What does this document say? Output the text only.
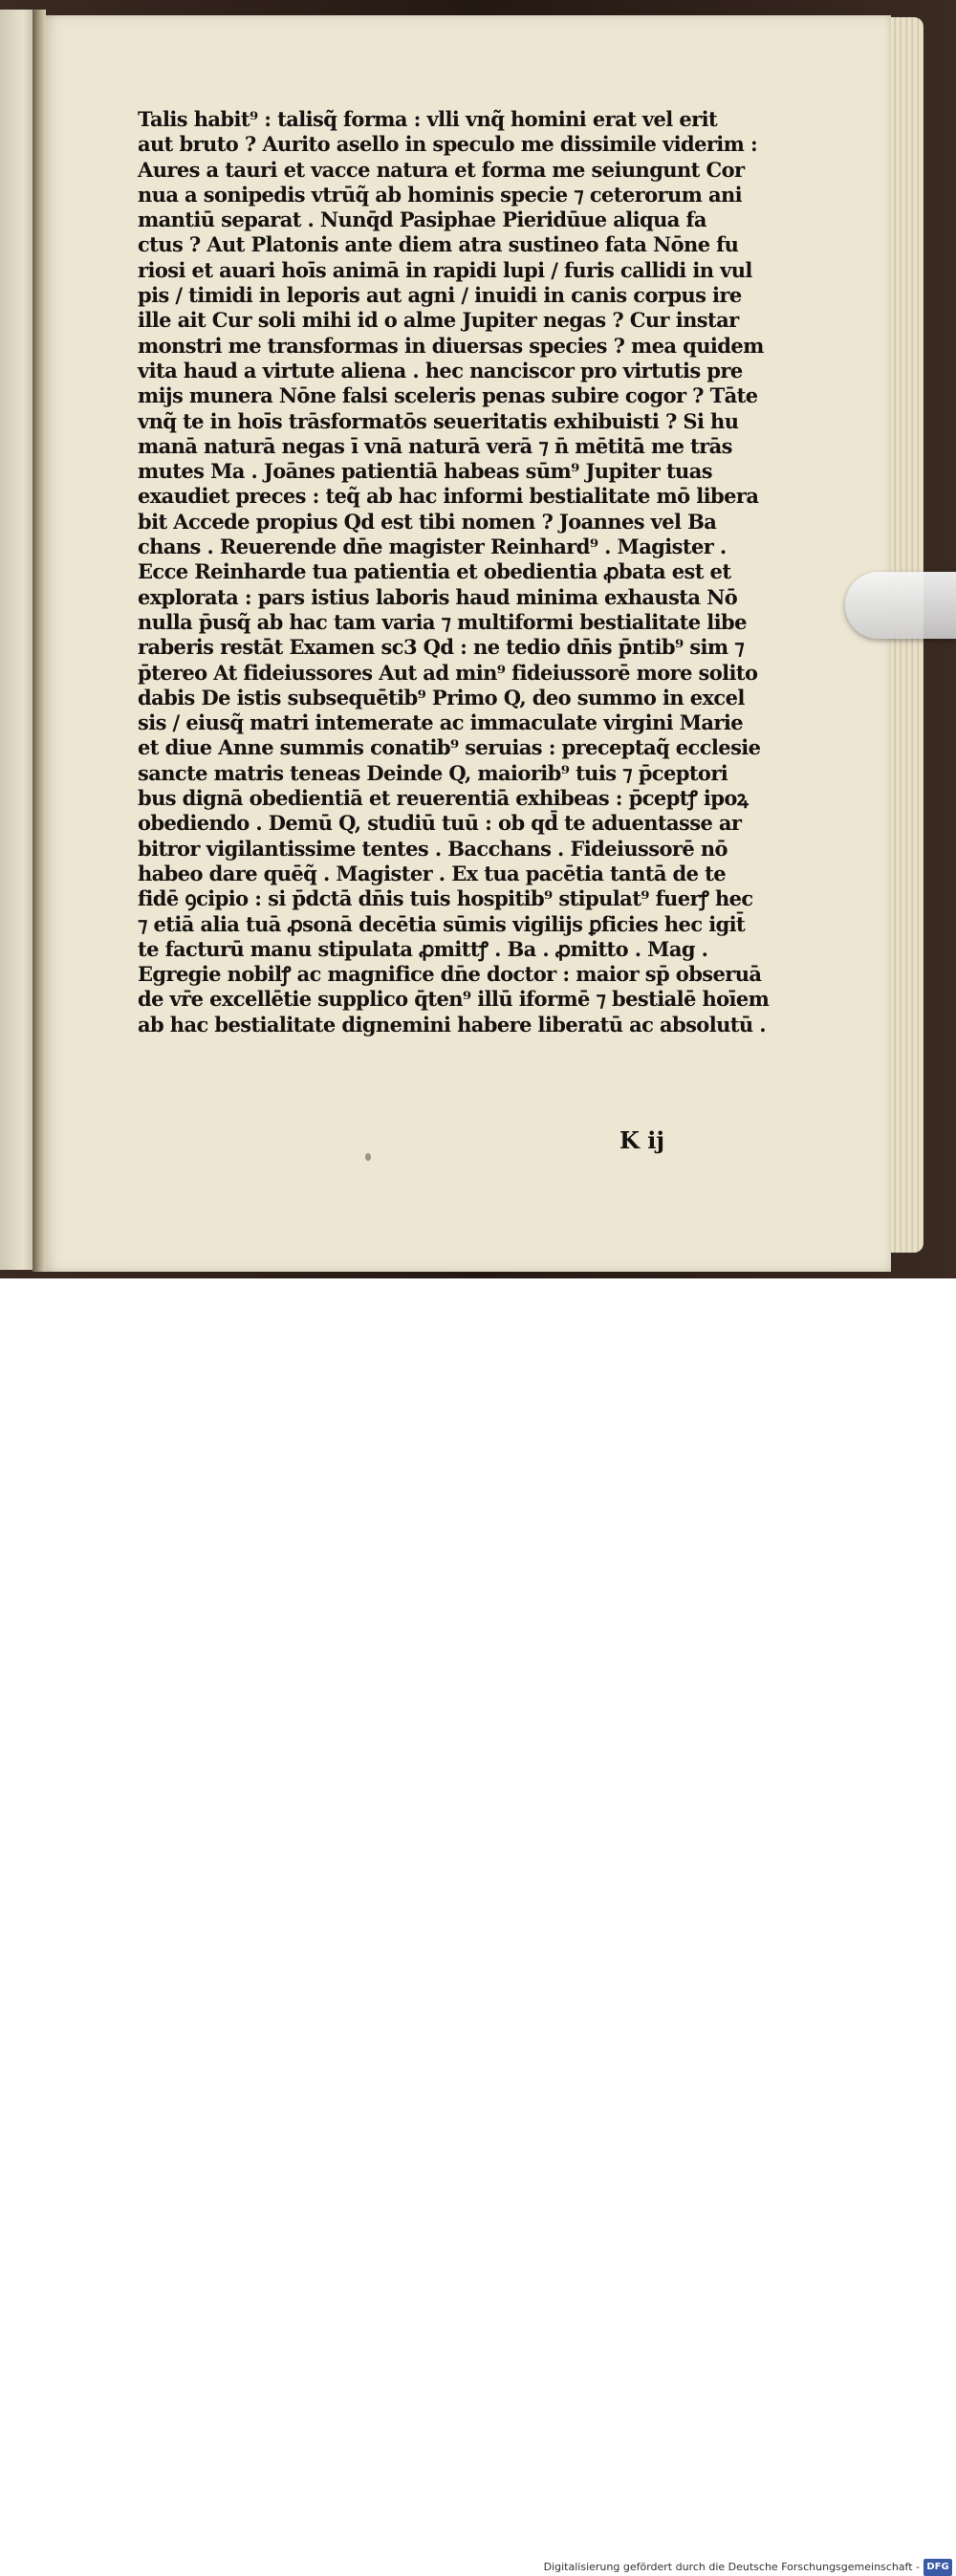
Talis habit⁹ : talisq̃ forma : vlli vnq̃ homini erat vel erit
aut bruto ? Aurito asello in speculo me dissimile viderim :
Aures a tauri et vacce natura et forma me seiungunt Cor
nua a sonipedis vtrūq̃ ab hominis specie ⁊ ceterorum ani
mantiū separat . Nunq̄d Pasiphae Pieridūue aliqua fa
ctus ? Aut Platonis ante diem atra sustineo fata Nōne fu
riosi et auari hoīs animā in rapidi lupi / furis callidi in vul
pis / timidi in leporis aut agni / inuidi in canis corpus ire
ille ait Cur soli mihi id o alme Jupiter negas ? Cur instar
monstri me transformas in diuersas species ? mea quidem
vita haud a virtute aliena . hec nanciscor pro virtutis pre
mijs munera Nōne falsi sceleris penas subire cogor ? Tāte
vnq̃ te in hoīs trāsformatōs seueritatis exhibuisti ? Si hu
manā naturā negas ī vnā naturā verā ⁊ n̄ mētitā me trās
mutes Ma . Joānes patientiā habeas sūm⁹ Jupiter tuas
exaudiet preces : teq̃ ab hac informi bestialitate mō libera
bit Accede propius Qd est tibi nomen ? Joannes vel Ba
chans . Reuerende dn̄e magister Reinhard⁹ . Magister .
Ecce Reinharde tua patientia et obedientia ꝓbata est et
explorata : pars istius laboris haud minima exhausta Nō
nulla p̄usq̃ ab hac tam varia ⁊ multiformi bestialitate libe
raberis restāt Examen sc3 Qd : ne tedio dn̄is p̄ntib⁹ sim ⁊
p̄tereo At fideiussores Aut ad min⁹ fideiussorē more solito
dabis De istis subsequētib⁹ Primo Q, deo summo in excel
sis / eiusq̃ matri intemerate ac immaculate virgini Marie
et diue Anne summis conatib⁹ seruias : preceptaq̃ ecclesie
sancte matris teneas Deinde Q, maiorib⁹ tuis ⁊ p̄ceptori
bus dignā obedientiā et reuerentiā exhibeas : p̄ceptꝭ ipoꝝ
obediendo . Demū Q, studiū tuū : ob qd̄ te aduentasse ar
bitror vigilantissime tentes . Bacchans . Fideiussorē nō
habeo dare quēq̃ . Magister . Ex tua pacētia tantā de te
fidē ꝯcipio : si p̄dctā dn̄is tuis hospitib⁹ stipulat⁹ fuerꝭ hec
⁊ etiā alia tuā ꝓsonā decētia sūmis vigilijs ꝑficies hec igit̄
te facturū manu stipulata ꝓmittꝭ . Ba . ꝓmitto . Mag .
Egregie nobilꝭ ac magnifice dn̄e doctor : maior sp̄ obseruā
de vr̄e excellētie supplico q̄ten⁹ illū iformē ⁊ bestialē hoīem
ab hac bestialitate dignemini habere liberatū ac absolutū .
K ij
Digitalisierung gefördert durch die Deutsche Forschungsgemeinschaft - DFG
